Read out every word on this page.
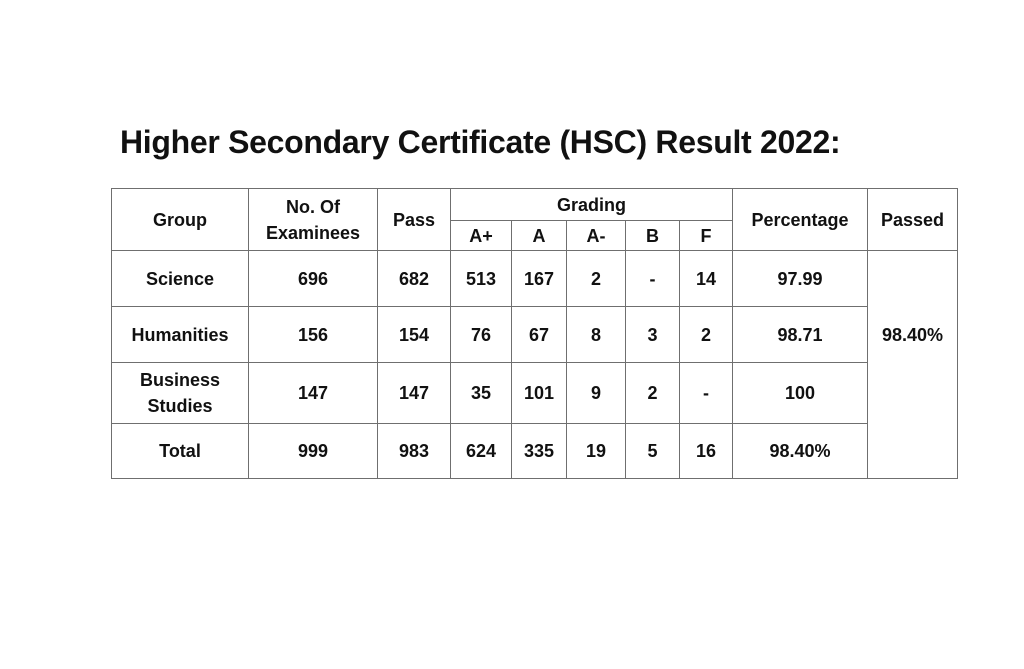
Higher Secondary Certificate (HSC) Result 2022:
Group	No. Of
Examinees	Pass	Grading					Percentage	Passed
			A+	A	A-	B	F		
Science	696	682	513	167	2	-	14	97.99	98.40%

Humanities	156	154	76	67	8	3	2	98.71	

Business
Studies	147	147	35	101	9	2	-	100	
Total	999	983	624	335	19	5	16	98.40%	
